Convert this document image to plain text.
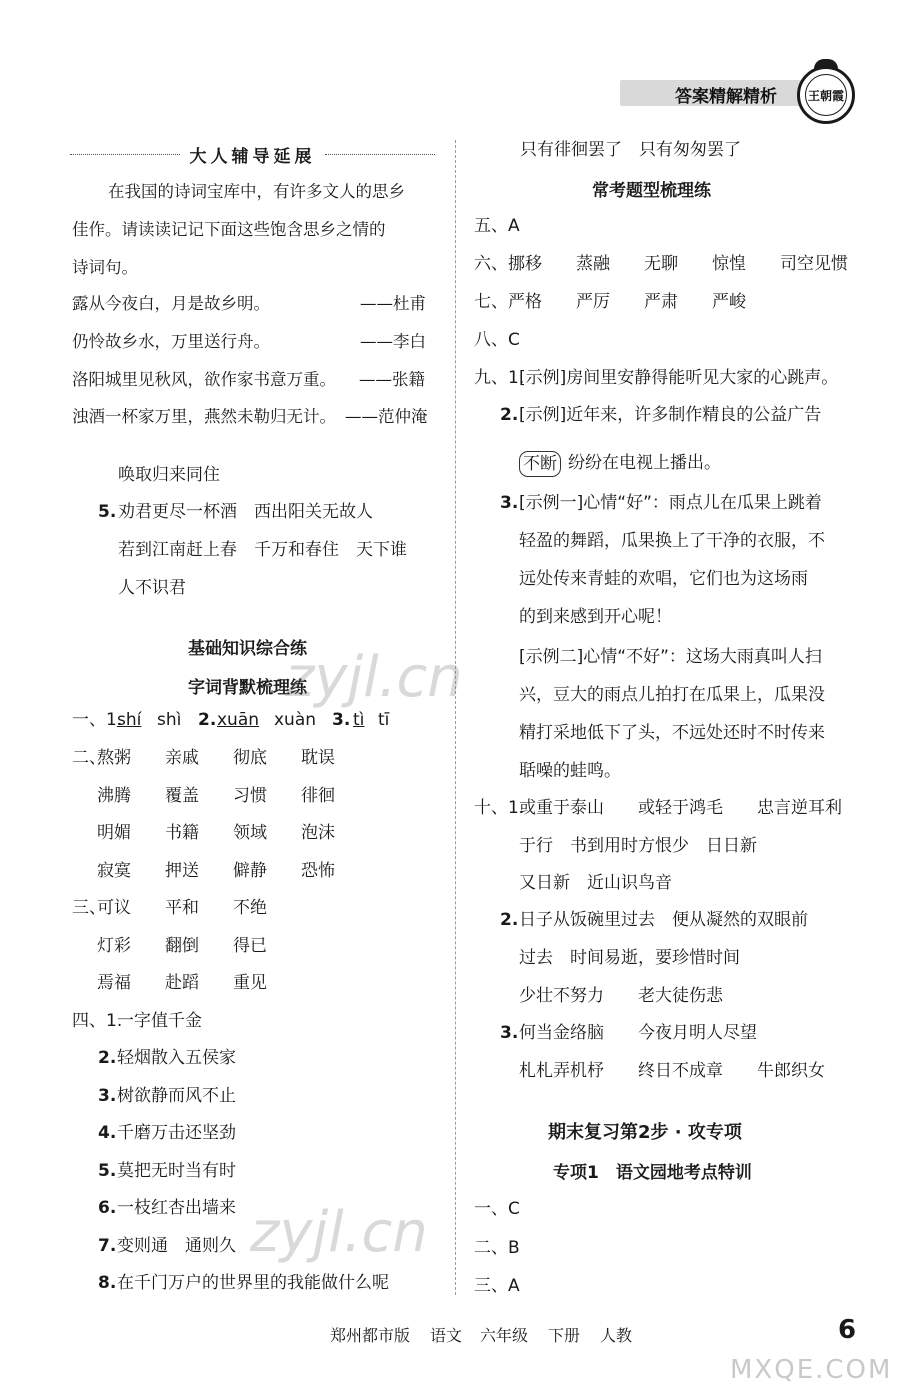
答案精解精析	王朝霞
大人辅导延展
在我国的诗词宝库中，有许多文人的思乡
佳作。请读读记记下面这些饱含思乡之情的
诗词句。
露从今夜白，月是故乡明。	——杜甫
仍怜故乡水，万里送行舟。	——李白
洛阳城里见秋风，欲作家书意万重。 ——张籍
浊酒一杯家万里，燕然未勒归无计。 ——范仲淹
唤取归来同住
5. 劝君更尽一杯酒　西出阳关无故人
若到江南赶上春　千万和春住　天下谁
人不识君
基础知识综合练
字词背默梳理练
一、1.
shí shì 2. xuān xuàn 3. tì tī
二、
熬粥　　亲戚　　彻底　　耽误
沸腾　　覆盖　　习惯　　徘徊
明媚　　书籍　　领域　　泡沫
寂寞　　押送　　僻静　　恐怖
三、
可议　　平和　　不绝
灯彩　　翻倒　　得已
焉福　　赴蹈　　重见
四、1.
一字值千金
2. 轻烟散入五侯家
3. 树欲静而风不止
4. 千磨万击还坚劲
5. 莫把无时当有时
6. 一枝红杏出墙来
7. 变则通　通则久
8. 在千门万户的世界里的我能做什么呢
只有徘徊罢了　只有匆匆罢了
常考题型梳理练
五、A
六、挪移　　蒸融　　无聊　　惊惶　　司空见惯
七、严格　　严厉　　严肃　　严峻
八、C
九、1.
[示例]房间里安静得能听见大家的心跳声。
2. [示例]近年来，许多制作精良的公益广告
不断 纷纷在电视上播出。
3. [示例一]心情“好”：雨点儿在瓜果上跳着
轻盈的舞蹈，瓜果换上了干净的衣服，不
远处传来青蛙的欢唱，它们也为这场雨
的到来感到开心呢！
[示例二]心情“不好”：这场大雨真叫人扫
兴，豆大的雨点儿拍打在瓜果上，瓜果没
精打采地低下了头，不远处还时不时传来
聒噪的蛙鸣。
十、1.
或重于泰山　　或轻于鸿毛　　忠言逆耳利
于行　书到用时方恨少　日日新
又日新　近山识鸟音
2. 日子从饭碗里过去　便从凝然的双眼前
过去　时间易逝，要珍惜时间
少壮不努力　　老大徒伤悲
3. 何当金络脑　　今夜月明人尽望
札札弄机杼　　终日不成章　　牛郎织女
期末复习第2步 · 攻专项
专项1　语文园地考点特训
一、C
二、B
三、A
郑州都市版 语文 六年级 下册 人教	6
zyjl.cn
zyjl.cn
MXQE.COM
